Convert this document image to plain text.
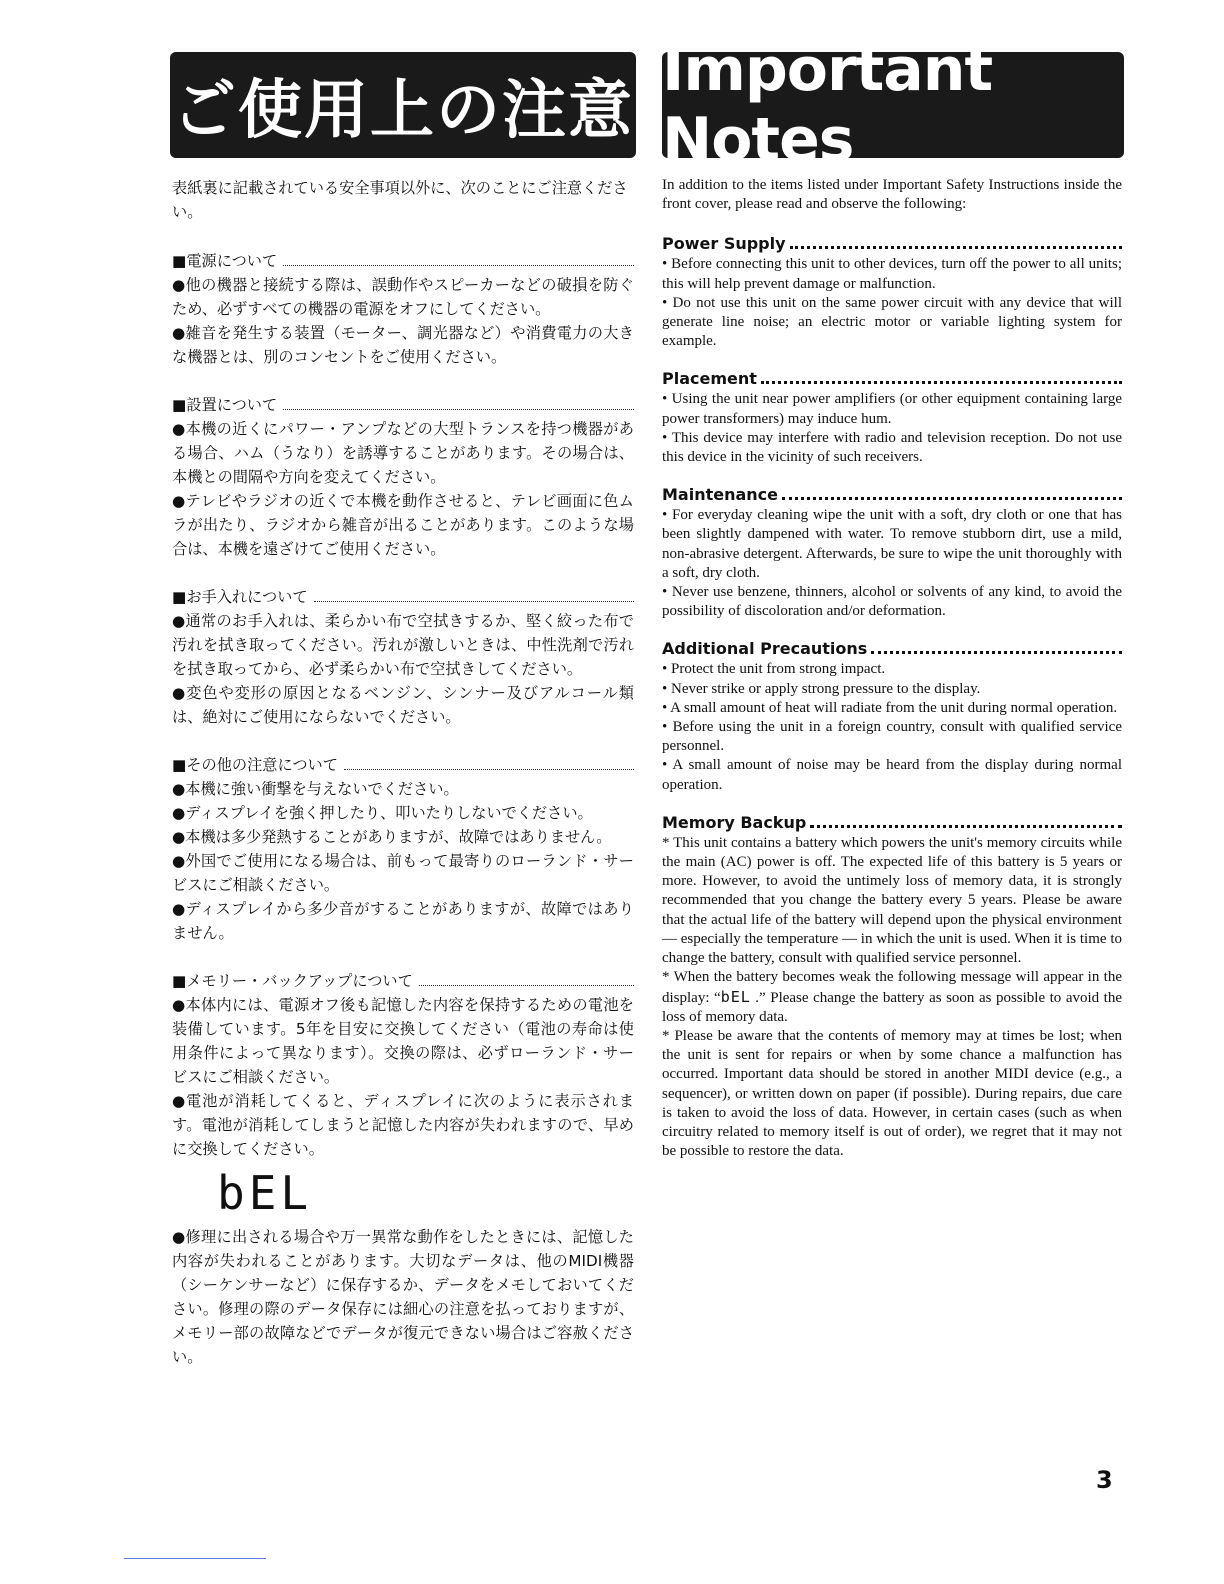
ご使用上の注意
Important Notes

表紙裏に記載されている安全事項以外に、次のことにご注意ください。

■電源について

●他の機器と接続する際は、誤動作やスピーカーなどの破損を防ぐため、必ずすべての機器の電源をオフにしてください。

●雑音を発生する装置（モーター、調光器など）や消費電力の大きな機器とは、別のコンセントをご使用ください。

■設置について

●本機の近くにパワー・アンプなどの大型トランスを持つ機器がある場合、ハム（うなり）を誘導することがあります。その場合は、本機との間隔や方向を変えてください。

●テレビやラジオの近くで本機を動作させると、テレビ画面に色ムラが出たり、ラジオから雑音が出ることがあります。このような場合は、本機を遠ざけてご使用ください。

■お手入れについて

●通常のお手入れは、柔らかい布で空拭きするか、堅く絞った布で汚れを拭き取ってください。汚れが激しいときは、中性洗剤で汚れを拭き取ってから、必ず柔らかい布で空拭きしてください。

●変色や変形の原因となるベンジン、シンナー及びアルコール類は、絶対にご使用にならないでください。

■その他の注意について

●本機に強い衝撃を与えないでください。

●ディスプレイを強く押したり、叩いたりしないでください。

●本機は多少発熱することがありますが、故障ではありません。

●外国でご使用になる場合は、前もって最寄りのローランド・サービスにご相談ください。

●ディスプレイから多少音がすることがありますが、故障ではありません。

■メモリー・バックアップについて

●本体内には、電源オフ後も記憶した内容を保持するための電池を装備しています。5年を目安に交換してください（電池の寿命は使用条件によって異なります）。交換の際は、必ずローランド・サービスにご相談ください。

●電池が消耗してくると、ディスプレイに次のように表示されます。電池が消耗してしまうと記憶した内容が失われますので、早めに交換してください。

bEL

●修理に出される場合や万一異常な動作をしたときには、記憶した内容が失われることがあります。大切なデータは、他のMIDI機器（シーケンサーなど）に保存するか、データをメモしておいてください。修理の際のデータ保存には細心の注意を払っておりますが、メモリー部の故障などでデータが復元できない場合はご容赦ください。

In addition to the items listed under Important Safety Instructions inside the front cover, please read and observe the following:

Power Supply

• Before connecting this unit to other devices, turn off the power to all units; this will help prevent damage or malfunction.

• Do not use this unit on the same power circuit with any device that will generate line noise; an electric motor or variable lighting system for example.

Placement

• Using the unit near power amplifiers (or other equipment containing large power transformers) may induce hum.

• This device may interfere with radio and television reception. Do not use this device in the vicinity of such receivers.

Maintenance

• For everyday cleaning wipe the unit with a soft, dry cloth or one that has been slightly dampened with water. To remove stubborn dirt, use a mild, non-abrasive detergent. Afterwards, be sure to wipe the unit thoroughly with a soft, dry cloth.

• Never use benzene, thinners, alcohol or solvents of any kind, to avoid the possibility of discoloration and/or deformation.

Additional Precautions

• Protect the unit from strong impact.

• Never strike or apply strong pressure to the display.

• A small amount of heat will radiate from the unit during normal operation.

• Before using the unit in a foreign country, consult with qualified service personnel.

• A small amount of noise may be heard from the display during normal operation.

Memory Backup

* This unit contains a battery which powers the unit's memory circuits while the main (AC) power is off. The expected life of this battery is 5 years or more. However, to avoid the untimely loss of memory data, it is strongly recommended that you change the battery every 5 years. Please be aware that the actual life of the battery will depend upon the physical environment — especially the temperature — in which the unit is used. When it is time to change the battery, consult with qualified service personnel.

* When the battery becomes weak the following message will appear in the display: “bEL .” Please change the battery as soon as possible to avoid the loss of memory data.

* Please be aware that the contents of memory may at times be lost; when the unit is sent for repairs or when by some chance a malfunction has occurred. Important data should be stored in another MIDI device (e.g., a sequencer), or written down on paper (if possible). During repairs, due care is taken to avoid the loss of data. However, in certain cases (such as when circuitry related to memory itself is out of order), we regret that it may not be possible to restore the data.

3
